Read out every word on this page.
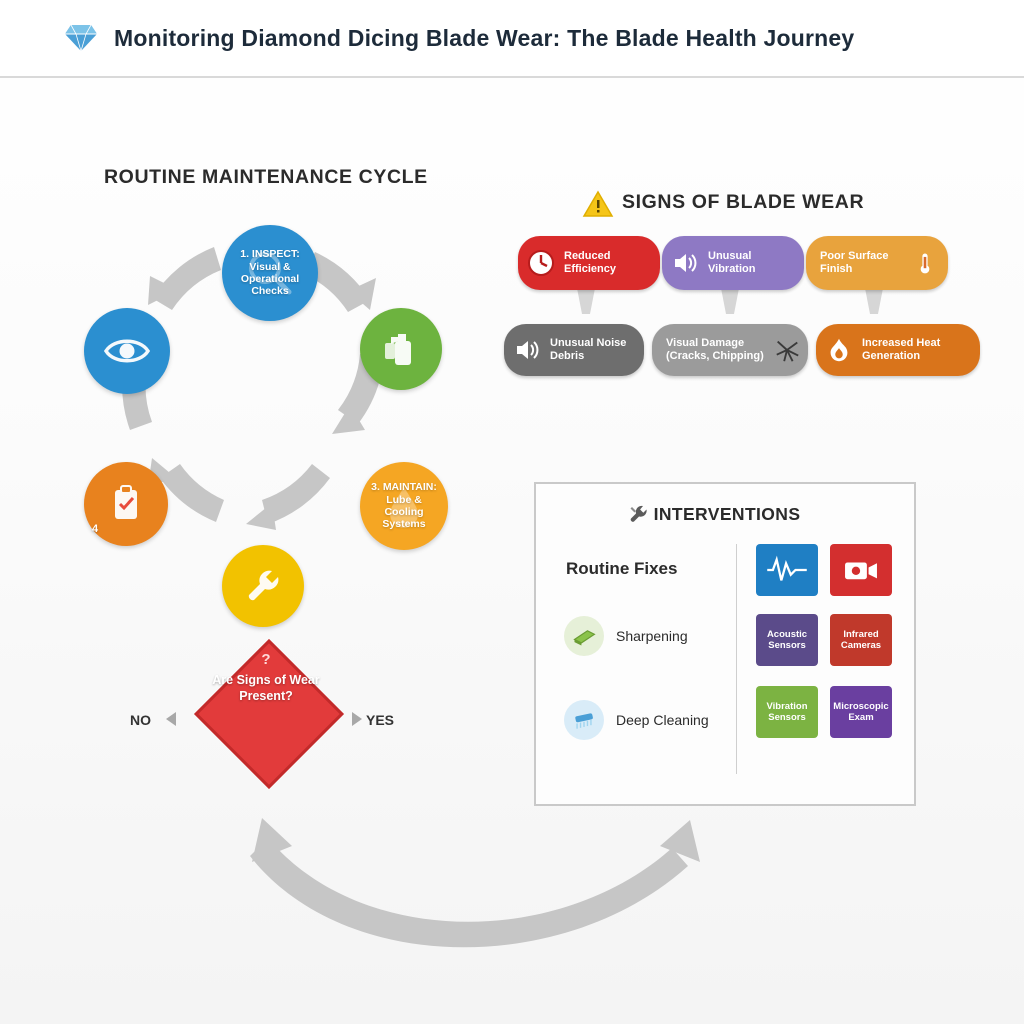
Monitoring Diamond Dicing Blade Wear: The Blade Health Journey
ROUTINE MAINTENANCE CYCLE
1. INSPECT: Visual & Operational Checks
3. MAINTAIN: Lube & Cooling Systems
4
?
Are Signs of Wear Present?
NO	YES
SIGNS OF BLADE WEAR
Reduced Efficiency
Unusual Vibration
Poor Surface Finish
Unusual Noise Debris
Visual Damage (Cracks, Chipping)
Increased Heat Generation
INTERVENTIONS
Routine Fixes
Sharpening
Deep Cleaning
Acoustic Sensors
Infrared Cameras
Vibration Sensors
Microscopic Exam
